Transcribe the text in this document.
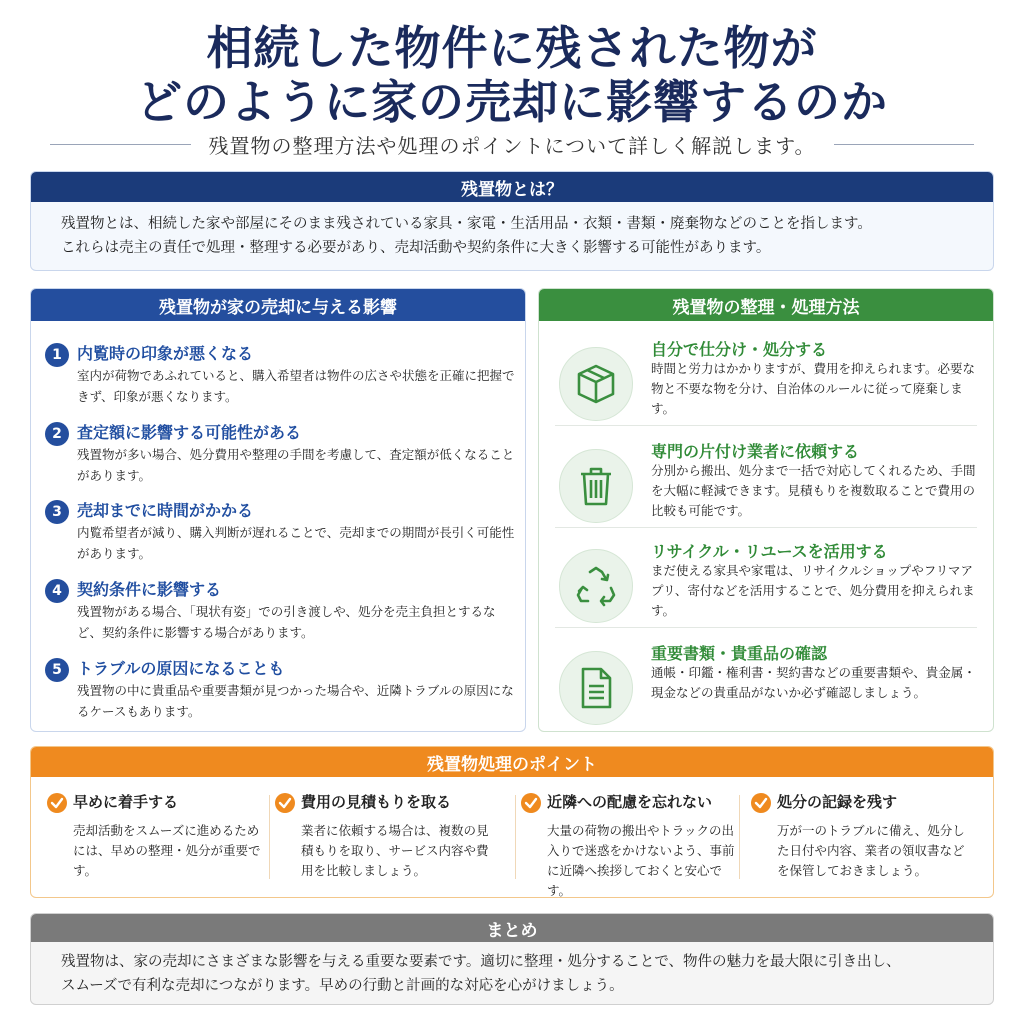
相続した物件に残された物が
どのように家の売却に影響するのか
残置物の整理方法や処理のポイントについて詳しく解説します。
残置物とは？
残置物とは、相続した家や部屋にそのまま残されている家具・家電・生活用品・衣類・書類・廃棄物などのことを指します。
これらは売主の責任で処理・整理する必要があり、売却活動や契約条件に大きく影響する可能性があります。
残置物が家の売却に与える影響
1 内覧時の印象が悪くなる
室内が荷物であふれていると、購入希望者は物件の広さや状態を正確に把握できず、印象が悪くなります。
2 査定額に影響する可能性がある
残置物が多い場合、処分費用や整理の手間を考慮して、査定額が低くなることがあります。
3 売却までに時間がかかる
内覧希望者が減り、購入判断が遅れることで、売却までの期間が長引く可能性があります。
4 契約条件に影響する
残置物がある場合、「現状有姿」での引き渡しや、処分を売主負担とするなど、契約条件に影響する場合があります。
5 トラブルの原因になることも
残置物の中に貴重品や重要書類が見つかった場合や、近隣トラブルの原因になるケースもあります。
残置物の整理・処理方法
自分で仕分け・処分する
時間と労力はかかりますが、費用を抑えられます。必要な物と不要な物を分け、自治体のルールに従って廃棄します。
専門の片付け業者に依頼する
分別から搬出、処分まで一括で対応してくれるため、手間を大幅に軽減できます。見積もりを複数取ることで費用の比較も可能です。
リサイクル・リユースを活用する
まだ使える家具や家電は、リサイクルショップやフリマアプリ、寄付などを活用することで、処分費用を抑えられます。
重要書類・貴重品の確認
通帳・印鑑・権利書・契約書などの重要書類や、貴金属・現金などの貴重品がないか必ず確認しましょう。
残置物処理のポイント
早めに着手する
売却活動をスムーズに進めるためには、早めの整理・処分が重要です。
費用の見積もりを取る
業者に依頼する場合は、複数の見積もりを取り、サービス内容や費用を比較しましょう。
近隣への配慮を忘れない
大量の荷物の搬出やトラックの出入りで迷惑をかけないよう、事前に近隣へ挨拶しておくと安心です。
処分の記録を残す
万が一のトラブルに備え、処分した日付や内容、業者の領収書などを保管しておきましょう。
まとめ
残置物は、家の売却にさまざまな影響を与える重要な要素です。適切に整理・処分することで、物件の魅力を最大限に引き出し、
スムーズで有利な売却につながります。早めの行動と計画的な対応を心がけましょう。
